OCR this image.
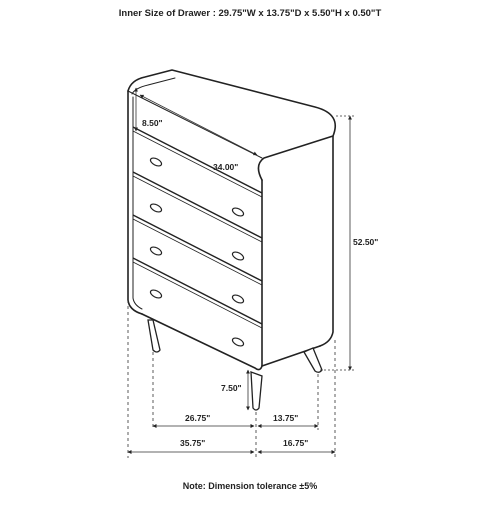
Inner Size of Drawer : 29.75"W x 13.75"D x 5.50"H x 0.50"T
8.50"
34.00"
52.50"
7.50"
26.75"	13.75"
35.75"	16.75"
Note: Dimension tolerance ±5%
